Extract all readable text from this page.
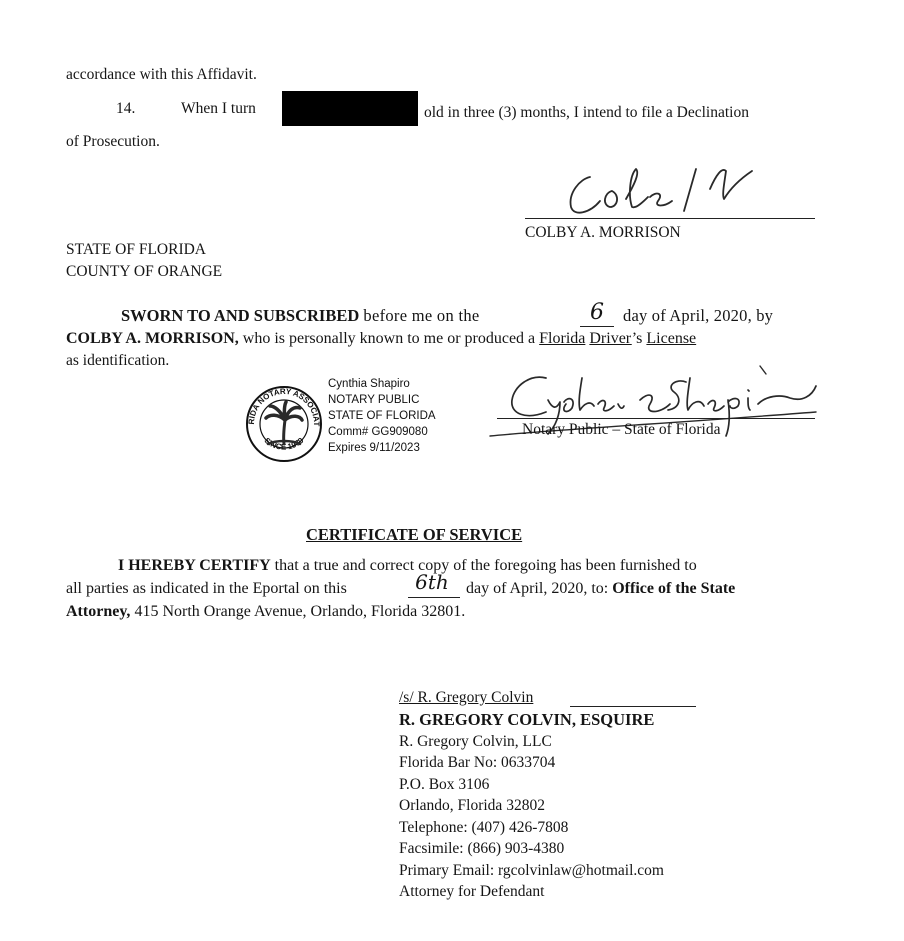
accordance with this Affidavit.
14.	When I turn	old in three (3) months, I intend to file a Declination
of Prosecution.
COLBY A. MORRISON
STATE OF FLORIDA
COUNTY OF ORANGE
SWORN TO AND SUBSCRIBED before me on the	6	day of April, 2020, by
COLBY A. MORRISON, who is personally known to me or produced a Florida Driver’s License
as identification.
FLORIDA NOTARY ASSOCIATION
SINCE 1979
Cynthia Shapiro
NOTARY PUBLIC
STATE OF FLORIDA
Comm# GG909080
Expires 9/11/2023
Notary Public – State of Florida
CERTIFICATE OF SERVICE
I HEREBY CERTIFY that a true and correct copy of the foregoing has been furnished to
all parties as indicated in the Eportal on this	6th	day of April, 2020, to: Office of the State
Attorney, 415 North Orange Avenue, Orlando, Florida 32801.
/s/ R. Gregory Colvin
R. GREGORY COLVIN, ESQUIRE
R. Gregory Colvin, LLC
Florida Bar No: 0633704
P.O. Box 3106
Orlando, Florida 32802
Telephone: (407) 426-7808
Facsimile: (866) 903-4380
Primary Email: rgcolvinlaw@hotmail.com
Attorney for Defendant
